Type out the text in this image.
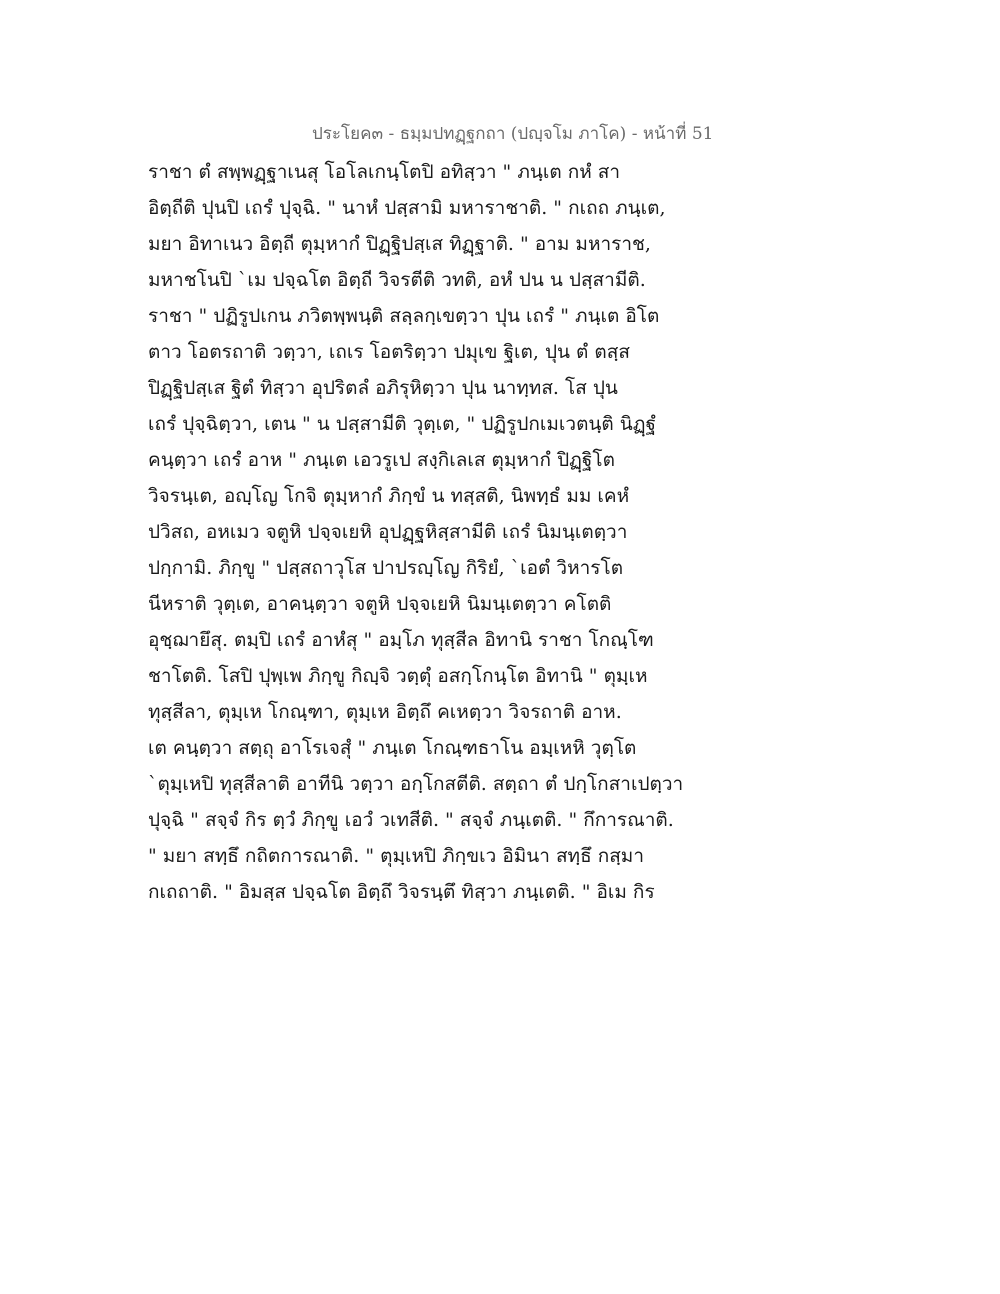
ประโยค๓ - ธมฺมปทฏฺฐกถา (ปญฺจโม ภาโค) - หน้าที่ 51
ราชา ตํ สพฺพฏฺฐาเนสุ โอโลเกนฺโตปิ อทิสฺวา " ภนฺเต กหํ สา
อิตฺถีติ ปุนปิ เถรํ ปุจฺฉิ. " นาหํ ปสฺสามิ มหาราชาติ. " กเถถ ภนฺเต,
มยา อิทาเนว อิตฺถี ตุมฺหากํ ปิฏฺฐิปสฺเส ทิฏฺฐาติ. " อาม มหาราช,
มหาชโนปิ `เม ปจฺฉโต อิตฺถี วิจรตีติ วทติ, อหํ ปน น ปสฺสามีติ.
ราชา " ปฏิรูปเกน ภวิตพฺพนฺติ สลฺลกฺเขตฺวา ปุน เถรํ " ภนฺเต อิโต
ตาว โอตรถาติ วตฺวา, เถเร โอตริตฺวา ปมุเข ฐิเต, ปุน ตํ ตสฺส
ปิฏฺฐิปสฺเส ฐิตํ ทิสฺวา อุปริตลํ อภิรุหิตฺวา ปุน นาทฺทส. โส ปุน
เถรํ ปุจฺฉิตฺวา, เตน " น ปสฺสามีติ วุตฺเต, " ปฏิรูปกเมเวตนฺติ นิฏฺฐํ
คนฺตฺวา เถรํ อาห " ภนฺเต เอวรูเป สงฺกิเลเส ตุมฺหากํ ปิฏฺฐิโต
วิจรนฺเต, อญฺโญ โกจิ ตุมฺหากํ ภิกฺขํ น ทสฺสติ, นิพทฺธํ มม เคหํ
ปวิสถ, อหเมว จตูหิ ปจฺจเยหิ อุปฏฺฐหิสฺสามีติ เถรํ นิมนฺเตตฺวา
ปกฺกามิ. ภิกฺขู " ปสฺสถาวุโส ปาปรญฺโญ กิริยํ, `เอตํ วิหารโต
นีหราติ วุตฺเต, อาคนฺตฺวา จตูหิ ปจฺจเยหิ นิมนฺเตตฺวา คโตติ
อุชฺฌายึสุ. ตมฺปิ เถรํ อาหํสุ " อมฺโภ ทุสฺสีล อิทานิ ราชา โกณฺโฑ
ชาโตติ. โสปิ ปุพฺเพ ภิกฺขู กิญฺจิ วตฺตุํ อสกฺโกนฺโต อิทานิ " ตุมฺเห
ทุสฺสีลา, ตุมฺเห โกณฺฑา, ตุมฺเห อิตฺถึ คเหตฺวา วิจรถาติ อาห.
เต คนฺตฺวา สตฺถุ อาโรเจสุํ " ภนฺเต โกณฺฑธาโน อมฺเหหิ วุตฺโต
`ตุมฺเหปิ ทุสฺสีลาติ อาทีนิ วตฺวา อกฺโกสตีติ. สตฺถา ตํ ปกฺโกสาเปตฺวา
ปุจฺฉิ " สจฺจํ กิร ตฺวํ ภิกฺขู เอวํ วเทสีติ. " สจฺจํ ภนฺเตติ. " กึการณาติ.
" มยา สทฺธึ กถิตการณาติ. " ตุมฺเหปิ ภิกฺขเว อิมินา สทฺธึ กสฺมา
กเถถาติ. " อิมสฺส ปจฺฉโต อิตฺถึ วิจรนฺตึ ทิสฺวา ภนฺเตติ. " อิเม กิร
